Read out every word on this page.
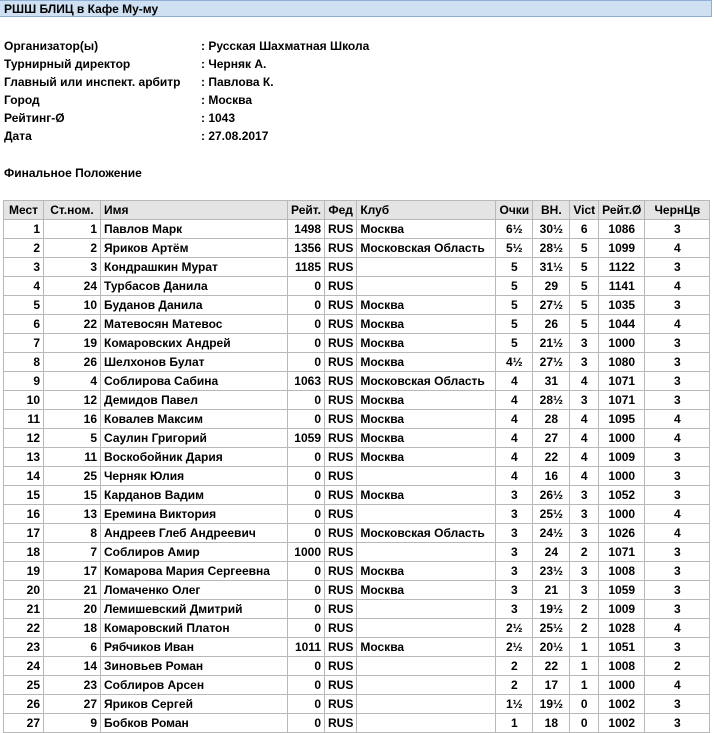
РШШ БЛИЦ в Кафе Му-му
Организатор(ы)	: Русская Шахматная Школа
Турнирный директор	: Черняк А.
Главный или инспект. арбитр : Павлова К.
Город	: Москва
Рейтинг-Ø	: 1043
Дата	: 27.08.2017
Финальное Положение
Мест	Ст.ном.	Имя	Рейт.	Фед	Клуб	Очки	ВН.	Vict	Рейт.Ø	ЧернЦв
1	1	Павлов Марк	1498	RUS	Москва	6½	30½	6	1086	3
2	2	Яриков Артём	1356	RUS	Московская Область	5½	28½	5	1099	4
3	3	Кондрашкин Мурат	1185	RUS		5	31½	5	1122	3
4	24	Турбасов Данила	0	RUS		5	29	5	1141	4
5	10	Буданов Данила	0	RUS	Москва	5	27½	5	1035	3
6	22	Матевосян Матевос	0	RUS	Москва	5	26	5	1044	4
7	19	Комаровских Андрей	0	RUS	Москва	5	21½	3	1000	3
8	26	Шелхонов Булат	0	RUS	Москва	4½	27½	3	1080	3
9	4	Соблирова Сабина	1063	RUS	Московская Область	4	31	4	1071	3
10	12	Демидов Павел	0	RUS	Москва	4	28½	3	1071	3
11	16	Ковалев Максим	0	RUS	Москва	4	28	4	1095	4
12	5	Саулин Григорий	1059	RUS	Москва	4	27	4	1000	4
13	11	Воскобойник Дария	0	RUS	Москва	4	22	4	1009	3
14	25	Черняк Юлия	0	RUS		4	16	4	1000	3
15	15	Карданов Вадим	0	RUS	Москва	3	26½	3	1052	3
16	13	Еремина Виктория	0	RUS		3	25½	3	1000	4
17	8	Андреев Глеб Андреевич	0	RUS	Московская Область	3	24½	3	1026	4
18	7	Соблиров Амир	1000	RUS		3	24	2	1071	3
19	17	Комарова Мария Сергеевна	0	RUS	Москва	3	23½	3	1008	3
20	21	Ломаченко Олег	0	RUS	Москва	3	21	3	1059	3
21	20	Лемишевский Дмитрий	0	RUS		3	19½	2	1009	3
22	18	Комаровский Платон	0	RUS		2½	25½	2	1028	4
23	6	Рябчиков Иван	1011	RUS	Москва	2½	20½	1	1051	3
24	14	Зиновьев Роман	0	RUS		2	22	1	1008	2
25	23	Соблиров Арсен	0	RUS		2	17	1	1000	4
26	27	Яриков Сергей	0	RUS		1½	19½	0	1002	3
27	9	Бобков Роман	0	RUS		1	18	0	1002	3
